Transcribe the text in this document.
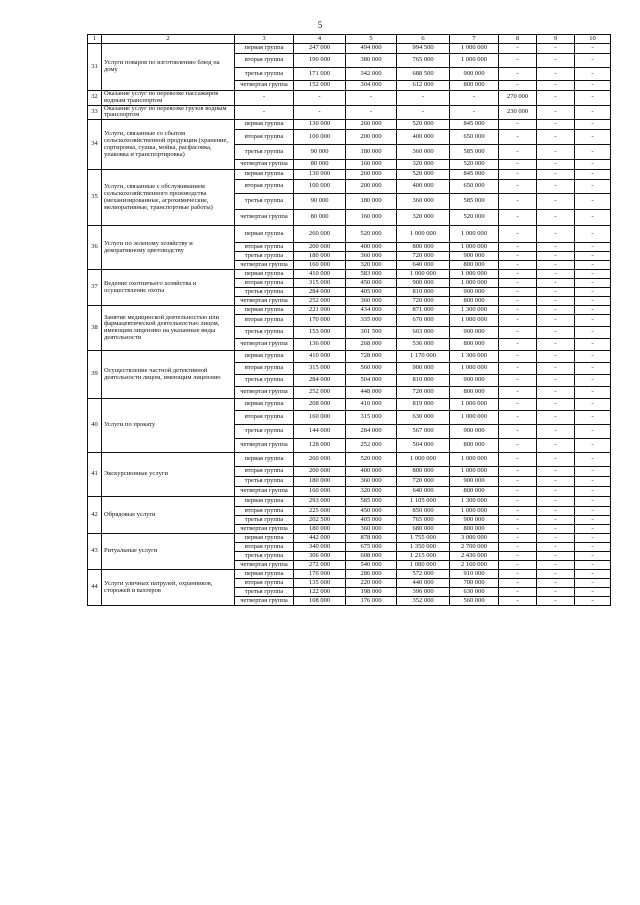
5
1	2	3	4	5	6	7	8	9	10
31	Услуги поваров по изготовлению блюд на дому	первая группа	247 000	494 000	994 500	1 000 000	-	-	-
		вторая группа	190 000	380 000	765 000	1 000 000	-	-	-
		третья группа	171 000	342 000	688 500	900 000	-	-	-
		четвертая группа	152 000	304 000	612 000	800 000	-	-	-
32	Оказание услуг по перевозке пассажиров водным транспортом	-	-	-	-	-	270 000	-	-
33	Оказание услуг по перевозке грузов водным транспортом	-	-	-	-	-	230 000	-	-
34	Услуги, связанные со сбытом сельскохозяйственной продукции (хранение, сортировка, сушка, мойка, расфасовка, упаковка и транспортировка)	первая группа	130 000	260 000	520 000	845 000	-	-	-
		вторая группа	100 000	200 000	400 000	650 000	-	-	-
		третья группа	90 000	180 000	360 000	585 000	-	-	-
		четвертая группа	80 000	160 000	320 000	520 000	-	-	-
35	Услуги, связанные с обслуживанием сельскохозяйственного производства (механизированные, агрохимические, мелиоративные, транспортные работы)	первая группа	130 000	260 000	520 000	845 000	-	-	-
		вторая группа	100 000	200 000	400 000	650 000	-	-	-
		третья группа	90 000	180 000	360 000	585 000	-	-	-
		четвертая группа	80 000	160 000	320 000	520 000	-	-	-
36	Услуги по зеленому хозяйству и декоративному цветоводству	первая группа	260 000	520 000	1 000 000	1 000 000	-	-	-
		вторая группа	200 000	400 000	800 000	1 000 000	-	-	-
		третья группа	180 000	360 000	720 000	900 000	-	-	-
		четвертая группа	160 000	320 000	640 000	800 000	-	-	-
37	Ведение охотничьего хозяйства и осуществление охоты	первая группа	410 000	583 000	1 000 000	1 000 000	-	-	-
		вторая группа	315 000	450 000	900 000	1 000 000	-	-	-
		третья группа	284 000	405 000	810 000	900 000	-	-	-
		четвертая группа	252 000	360 000	720 000	800 000	-	-	-
38	Занятие медицинской деятельностью или фармацевтической деятельностью лицом, имеющим лицензию на указанные виды деятельности	первая группа	221 000	434 000	871 000	1 300 000	-	-	-
		вторая группа	170 000	335 000	670 000	1 000 000	-	-	-
		третья группа	153 000	301 500	603 000	900 000	-	-	-
		четвертая группа	136 000	268 000	536 000	800 000	-	-	-
39	Осуществление частной детективной деятельности лицом, имеющим лицензию	первая группа	410 000	728 000	1 170 000	1 300 000	-	-	-
		вторая группа	315 000	560 000	900 000	1 000 000	-	-	-
		третья группа	284 000	504 000	810 000	900 000	-	-	-
		четвертая группа	252 000	448 000	720 000	800 000	-	-	-
40	Услуги по прокату	первая группа	208 000	410 000	819 000	1 000 000	-	-	-
		вторая группа	160 000	315 000	630 000	1 000 000	-	-	-
		третья группа	144 000	284 000	567 000	900 000	-	-	-
		четвертая группа	128 000	252 000	504 000	800 000	-	-	-
41	Экскурсионные услуги	первая группа	260 000	520 000	1 000 000	1 000 000	-	-	-
		вторая группа	200 000	400 000	800 000	1 000 000	-	-	-
		третья группа	180 000	360 000	720 000	900 000	-	-	-
		четвертая группа	160 000	320 000	640 000	800 000	-	-	-
42	Обрядовые услуги	первая группа	293 000	585 000	1 105 000	1 300 000	-	-	-
		вторая группа	225 000	450 000	850 000	1 000 000	-	-	-
		третья группа	202 500	405 000	765 000	900 000	-	-	-
		четвертая группа	180 000	360 000	680 000	800 000	-	-	-
43	Ритуальные услуги	первая группа	442 000	878 000	1 755 000	3 000 000	-	-	-
		вторая группа	340 000	675 000	1 350 000	2 700 000	-	-	-
		третья группа	306 000	608 000	1 215 000	2 430 000	-	-	-
		четвертая группа	272 000	540 000	1 080 000	2 160 000	-	-	-
44	Услуги уличных патрулей, охранников, сторожей и вахтеров	первая группа	176 000	286 000	572 000	910 000	-	-	-
		вторая группа	135 000	220 000	440 000	700 000	-	-	-
		третья группа	122 000	198 000	396 000	630 000	-	-	-
		четвертая группа	108 000	176 000	352 000	560 000	-	-	-
